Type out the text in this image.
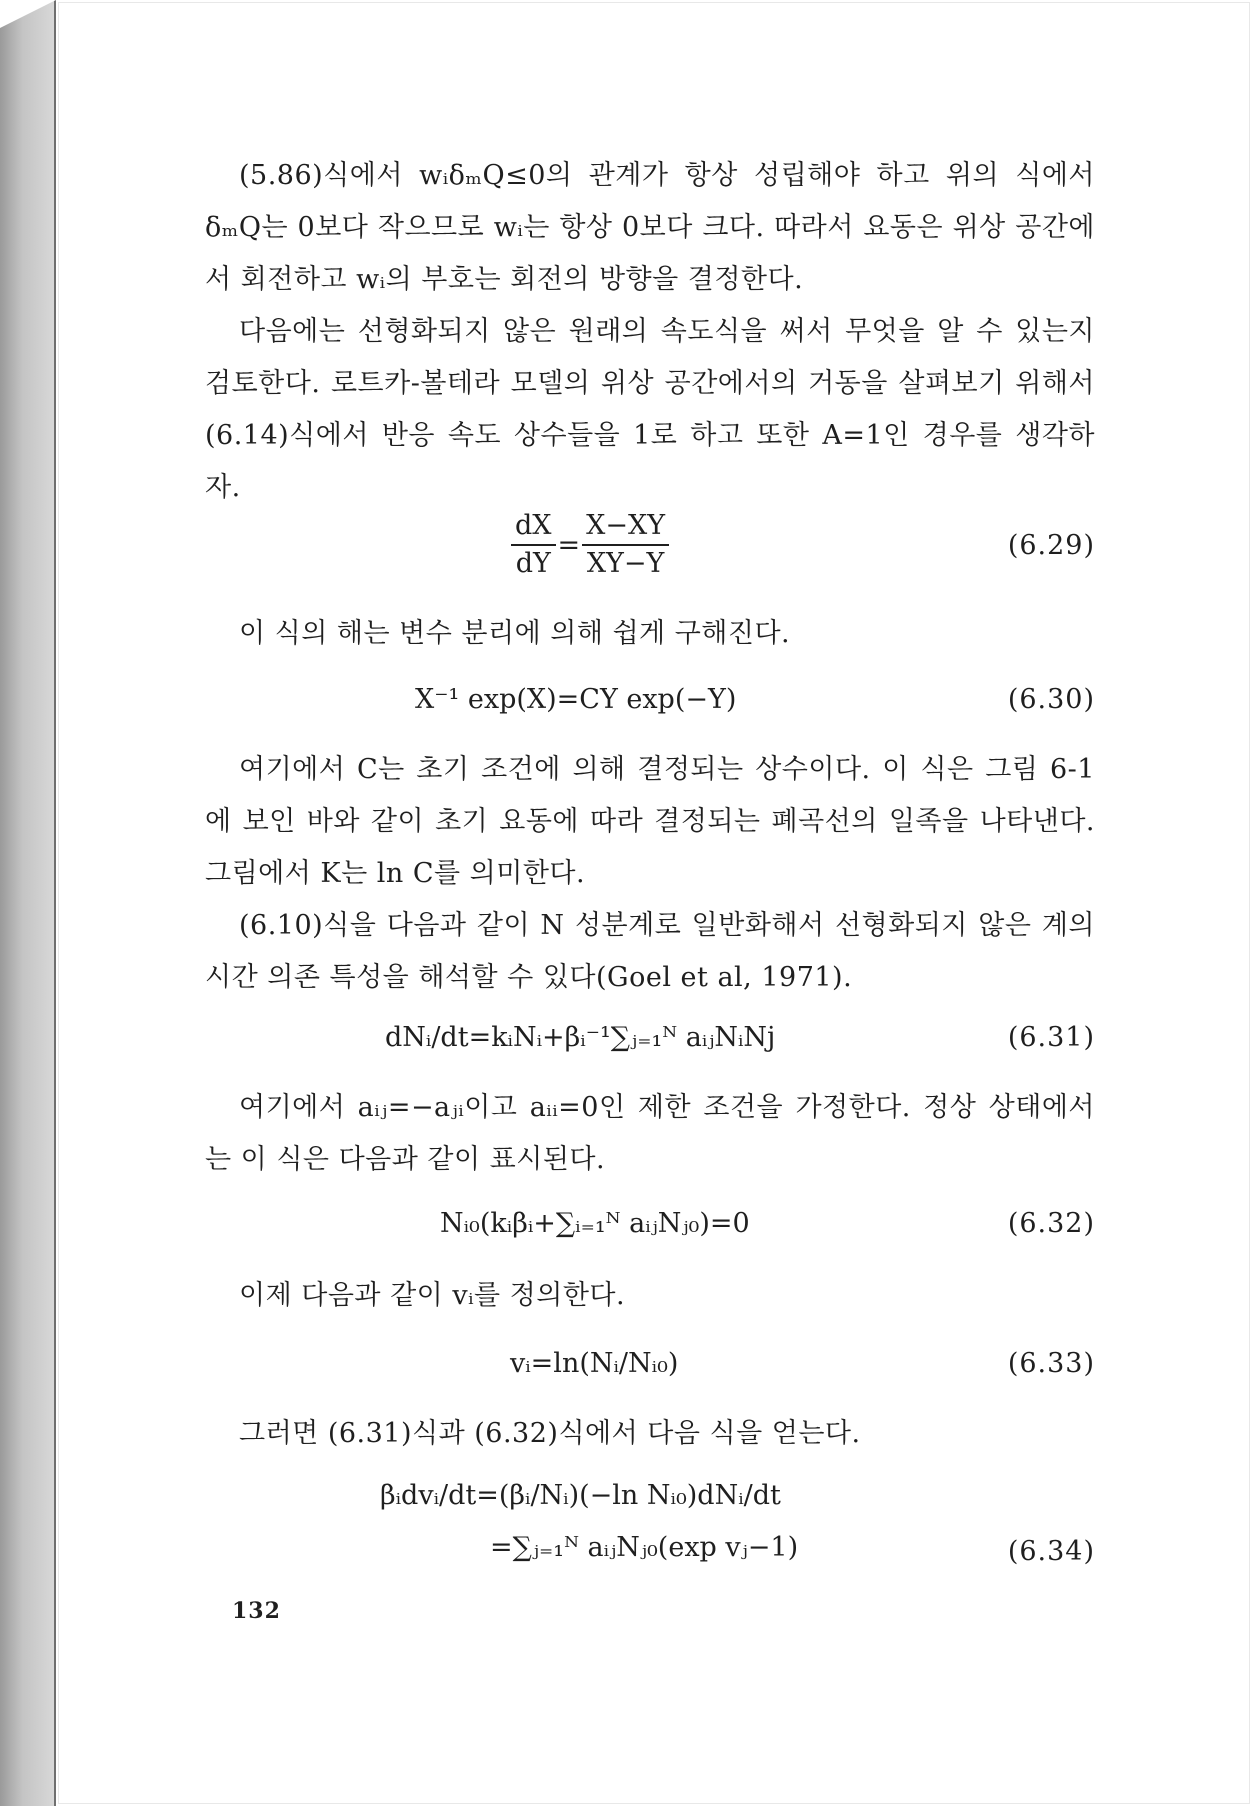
(5.86)식에서 wᵢδₘQ≤0의 관계가 항상 성립해야 하고 위의 식에서 δₘQ는 0보다 작으므로 wᵢ는 항상 0보다 크다. 따라서 요동은 위상 공간에서 회전하고 wᵢ의 부호는 회전의 방향을 결정한다.

다음에는 선형화되지 않은 원래의 속도식을 써서 무엇을 알 수 있는지 검토한다. 로트카-볼테라 모델의 위상 공간에서의 거동을 살펴보기 위해서 (6.14)식에서 반응 속도 상수들을 1로 하고 또한 A=1인 경우를 생각하자.

$\frac{dX}{dY} = \frac{X-XY}{XY-Y}$	(6.29)

이 식의 해는 변수 분리에 의해 쉽게 구해진다.

X⁻¹ exp(X)=CY exp(−Y)	(6.30)

여기에서 C는 초기 조건에 의해 결정되는 상수이다. 이 식은 그림 6-1에 보인 바와 같이 초기 요동에 따라 결정되는 폐곡선의 일족을 나타낸다. 그림에서 K는 ln C를 의미한다.

(6.10)식을 다음과 같이 N 성분계로 일반화해서 선형화되지 않은 계의 시간 의존 특성을 해석할 수 있다(Goel et al, 1971).

dNᵢ/dt=kᵢNᵢ+βᵢ⁻¹∑ⱼ₌₁ᴺ aᵢⱼNᵢNj	(6.31)

여기에서 aᵢⱼ=−aⱼᵢ이고 aᵢᵢ=0인 제한 조건을 가정한다. 정상 상태에서는 이 식은 다음과 같이 표시된다.

Nᵢ₀(kᵢβᵢ+∑ᵢ₌₁ᴺ aᵢⱼNⱼ₀)=0	(6.32)

이제 다음과 같이 vᵢ를 정의한다.

vᵢ=ln(Nᵢ/Nᵢ₀)	(6.33)

그러면 (6.31)식과 (6.32)식에서 다음 식을 얻는다.

βᵢdvᵢ/dt=(βᵢ/Nᵢ)(−ln Nᵢ₀)dNᵢ/dt
=∑ⱼ₌₁ᴺ aᵢⱼNⱼ₀(exp vⱼ−1)	(6.34)
132
